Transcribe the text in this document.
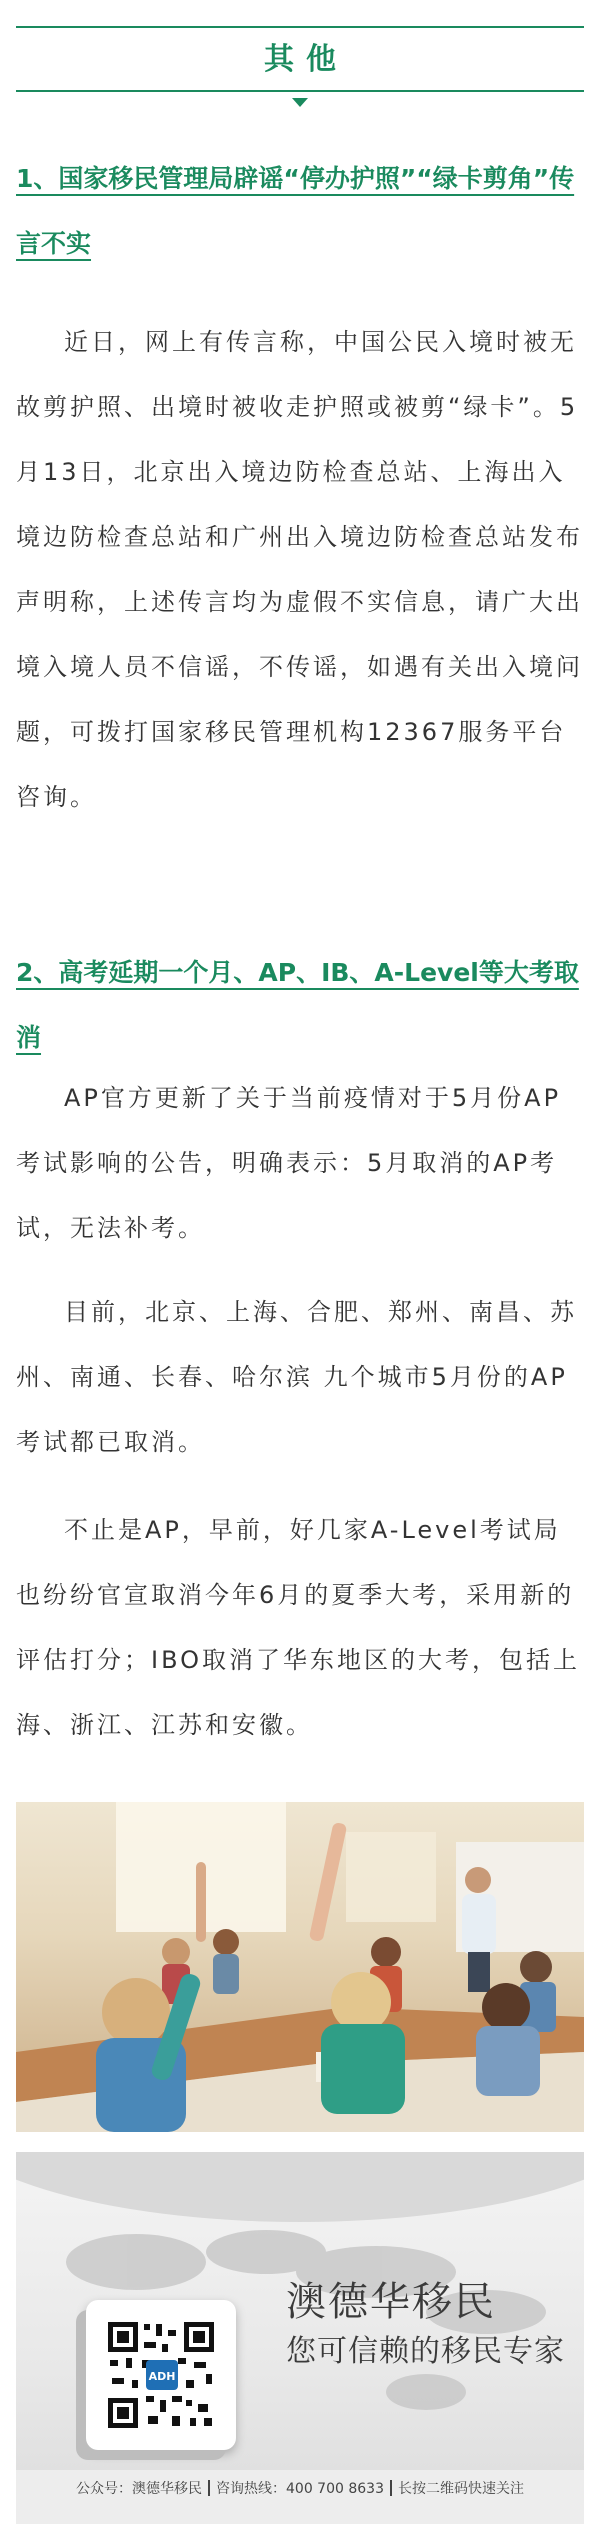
其他
1、国家移民管理局辟谣“停办护照”“绿卡剪角”传言不实

近日，网上有传言称，中国公民入境时被无故剪护照、出境时被收走护照或被剪“绿卡”。5月13日，北京出入境边防检查总站、上海出入境边防检查总站和广州出入境边防检查总站发布声明称，上述传言均为虚假不实信息，请广大出境入境人员不信谣，不传谣，如遇有关出入境问题，可拨打国家移民管理机构12367服务平台咨询。

2、高考延期一个月、AP、IB、A-Level等大考取消

AP官方更新了关于当前疫情对于5月份AP考试影响的公告，明确表示：5月取消的AP考试，无法补考。

目前，北京、上海、合肥、郑州、南昌、苏州、南通、长春、哈尔滨 九个城市5月份的AP考试都已取消。

不止是AP，早前，好几家A-Level考试局也纷纷官宣取消今年6月的夏季大考，采用新的评估打分；IBO取消了华东地区的大考，包括上海、浙江、江苏和安徽。

ADH
澳德华移民
您可信赖的移民专家
公众号：澳德华移民 咨询热线：400 700 8633 长按二维码快速关注
